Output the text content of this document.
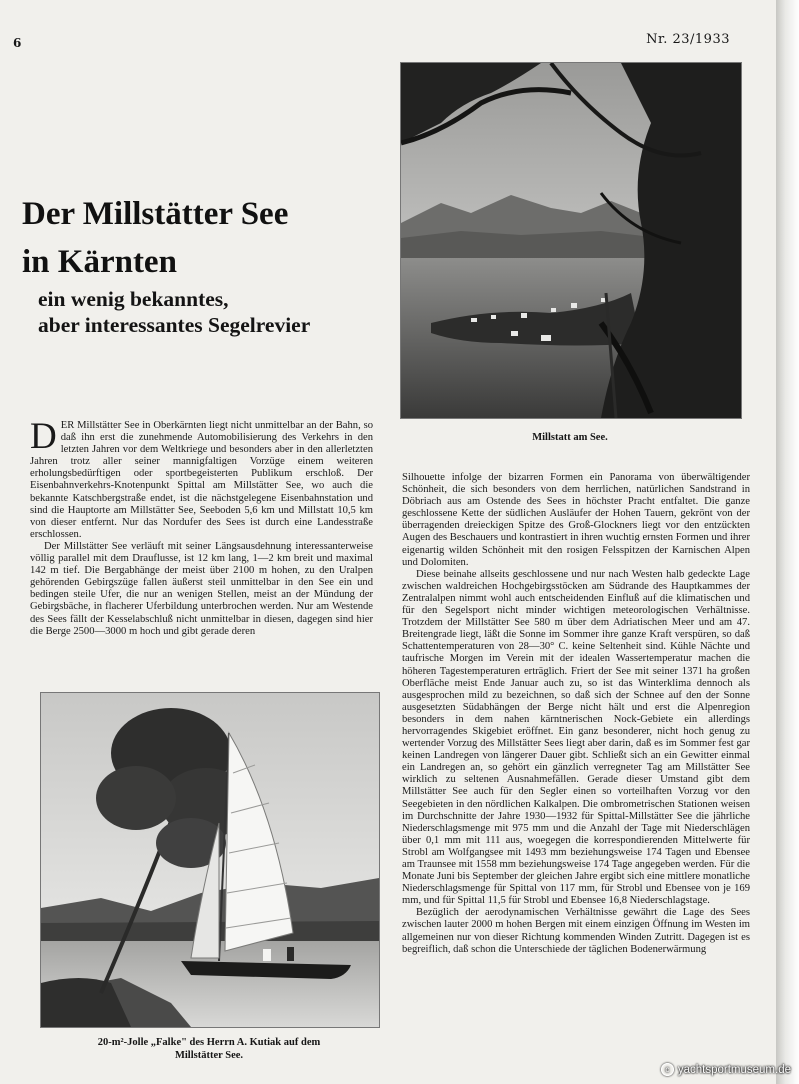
6	Nr. 23/1933
Millstatt am See.
Der Millstätter See
in Kärnten
ein wenig bekanntes,
aber interessantes Segelrevier

DER Millstätter See in Oberkärnten liegt nicht unmittelbar an der Bahn, so daß ihn erst die zunehmende Automobilisierung des Verkehrs in den letzten Jahren vor dem Weltkriege und besonders aber in den allerletzten Jahren trotz aller seiner mannigfaltigen Vorzüge einem weiteren erholungsbedürftigen oder sportbegeisterten Publikum erschloß. Der Eisenbahnverkehrs-Knotenpunkt Spittal am Millstätter See, wo auch die bekannte Katschbergstraße endet, ist die nächstgelegene Eisenbahnstation und sind die Hauptorte am Millstätter See, Seeboden 5,6 km und Millstatt 10,5 km von dieser entfernt. Nur das Nordufer des Sees ist durch eine Landesstraße erschlossen.

Der Millstätter See verläuft mit seiner Längsausdehnung interessanterweise völlig parallel mit dem Drauflusse, ist 12 km lang, 1—2 km breit und maximal 142 m tief. Die Bergabhänge der meist über 2100 m hohen, zu den Uralpen gehörenden Gebirgszüge fallen äußerst steil unmittelbar in den See ein und bedingen steile Ufer, die nur an wenigen Stellen, meist an der Mündung der Gebirgsbäche, in flacherer Uferbildung unterbrochen werden. Nur am Westende des Sees fällt der Kesselabschluß nicht unmittelbar in diesen, dagegen sind hier die Berge 2500—3000 m hoch und gibt gerade deren

20-m²-Jolle „Falke" des Herrn A. Kutiak auf dem
Millstätter See.

Silhouette infolge der bizarren Formen ein Panorama von überwältigender Schönheit, die sich besonders von dem herrlichen, natürlichen Sandstrand in Döbriach aus am Ostende des Sees in höchster Pracht entfaltet. Die ganze geschlossene Kette der südlichen Ausläufer der Hohen Tauern, gekrönt von der überragenden dreieckigen Spitze des Groß-Glockners liegt vor den entzückten Augen des Beschauers und kontrastiert in ihren wuchtig ernsten Formen und ihrer eigenartig wilden Schönheit mit den rosigen Felsspitzen der Karnischen Alpen und Dolomiten.

Diese beinahe allseits geschlossene und nur nach Westen halb gedeckte Lage zwischen waldreichen Hochgebirgsstöcken am Südrande des Hauptkammes der Zentralalpen nimmt wohl auch entscheidenden Einfluß auf die klimatischen und für den Segelsport nicht minder wichtigen meteorologischen Verhältnisse. Trotzdem der Millstätter See 580 m über dem Adriatischen Meer und am 47. Breitengrade liegt, läßt die Sonne im Sommer ihre ganze Kraft verspüren, so daß Schattentemperaturen von 28—30° C. keine Seltenheit sind. Kühle Nächte und taufrische Morgen im Verein mit der idealen Wassertemperatur machen die höheren Tagestemperaturen erträglich. Friert der See mit seiner 1371 ha großen Oberfläche meist Ende Januar auch zu, so ist das Winterklima dennoch als ausgesprochen mild zu bezeichnen, so daß sich der Schnee auf den der Sonne ausgesetzten Südabhängen der Berge nicht hält und erst die Alpenregion besonders in dem nahen kärntnerischen Nock-Gebiete ein allerdings hervorragendes Skigebiet eröffnet. Ein ganz besonderer, nicht hoch genug zu wertender Vorzug des Millstätter Sees liegt aber darin, daß es im Sommer fest gar keinen Landregen von längerer Dauer gibt. Schließt sich an ein Gewitter einmal ein Landregen an, so gehört ein gänzlich verregneter Tag am Millstätter See wirklich zu seltenen Ausnahmefällen. Gerade dieser Umstand gibt dem Millstätter See auch für den Segler einen so vorteilhaften Vorzug vor den Seegebieten in den nördlichen Kalkalpen. Die ombrometrischen Stationen weisen im Durchschnitte der Jahre 1930—1932 für Spittal-Millstätter See die jährliche Niederschlagsmenge mit 975 mm und die Anzahl der Tage mit Niederschlägen über 0,1 mm mit 111 aus, woegegen die korrespondierenden Mittelwerte für Strobl am Wolfgangsee mit 1493 mm beziehungsweise 174 Tagen und Ebensee am Traunsee mit 1558 mm beziehungsweise 174 Tage angegeben werden. Für die Monate Juni bis September der gleichen Jahre ergibt sich eine mittlere monatliche Niederschlagsmenge für Spittal von 117 mm, für Strobl und Ebensee von je 169 mm, und für Spittal 11,5 für Strobl und Ebensee 16,8 Niederschlagstage.

Bezüglich der aerodynamischen Verhältnisse gewährt die Lage des Sees zwischen lauter 2000 m hohen Bergen mit einem einzigen Öffnung im Westen im allgemeinen nur von dieser Richtung kommenden Winden Zutritt. Dagegen ist es begreiflich, daß schon die Unterschiede der täglichen Bodenerwärmung

c yachtsportmuseum.de
